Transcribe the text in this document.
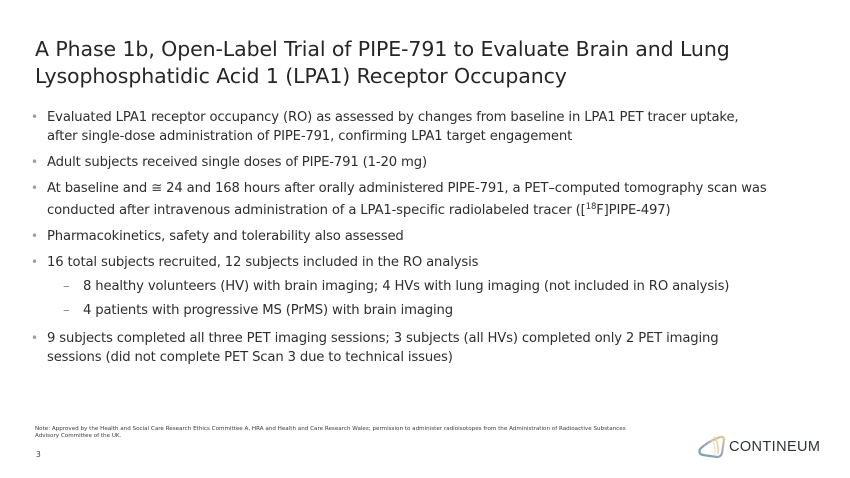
A Phase 1b, Open-Label Trial of PIPE-791 to Evaluate Brain and Lung
Lysophosphatidic Acid 1 (LPA1) Receptor Occupancy
• Evaluated LPA1 receptor occupancy (RO) as assessed by changes from baseline in LPA1 PET tracer uptake,
after single-dose administration of PIPE-791, confirming LPA1 target engagement
• Adult subjects received single doses of PIPE-791 (1-20 mg)
• At baseline and ≅ 24 and 168 hours after orally administered PIPE-791, a PET–computed tomography scan was
conducted after intravenous administration of a LPA1-specific radiolabeled tracer ([$^{18}$F]PIPE-497)
• Pharmacokinetics, safety and tolerability also assessed
• 16 total subjects recruited, 12 subjects included in the RO analysis
– 8 healthy volunteers (HV) with brain imaging; 4 HVs with lung imaging (not included in RO analysis)
– 4 patients with progressive MS (PrMS) with brain imaging
• 9 subjects completed all three PET imaging sessions; 3 subjects (all HVs) completed only 2 PET imaging
sessions (did not complete PET Scan 3 due to technical issues)
Note: Approved by the Health and Social Care Research Ethics Committee A, HRA and Health and Care Research Wales; permission to administer radioisotopes from the Administration of Radioactive Substances
Advisory Committee of the UK.
3	CONTINEUM
